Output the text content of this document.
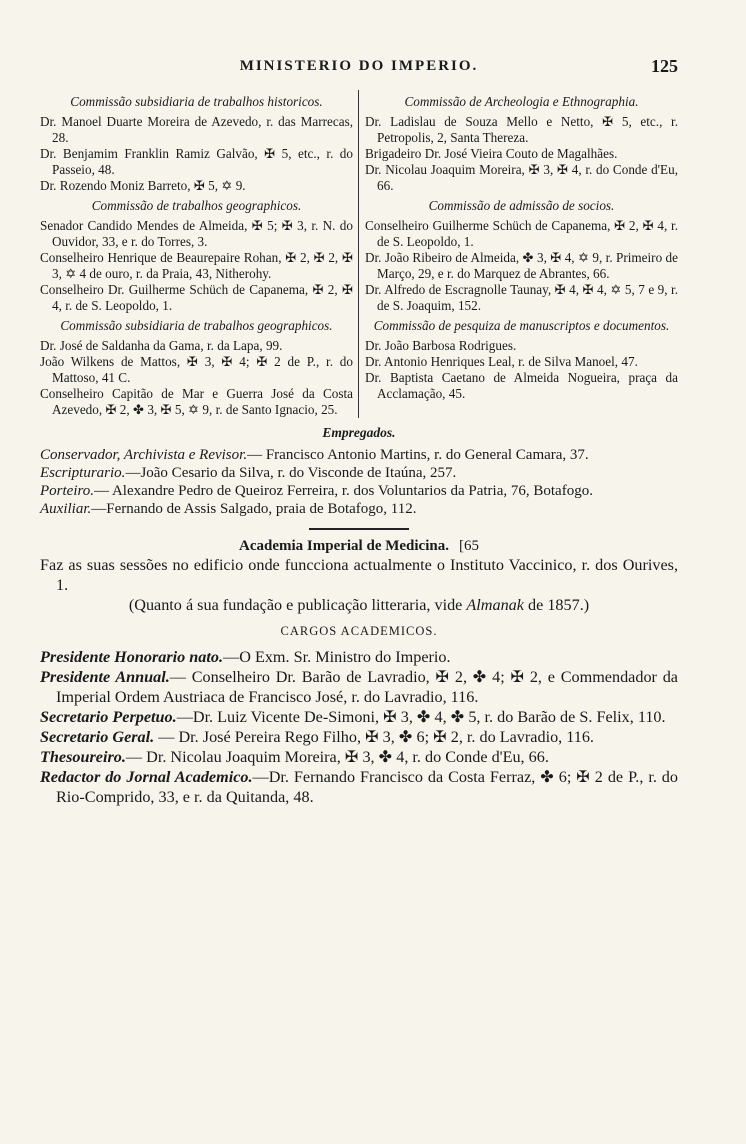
MINISTERIO DO IMPERIO.	125
Commissão subsidiaria de trabalhos historicos.
Dr. Manoel Duarte Moreira de Azevedo, r. das Marrecas, 28.
Dr. Benjamim Franklin Ramiz Galvão, ✠ 5, etc., r. do Passeio, 48.
Dr. Rozendo Moniz Barreto, ✠ 5, ✡ 9.
Commissão de trabalhos geographicos.
Senador Candido Mendes de Almeida, ✠ 5; ✠ 3, r. N. do Ouvidor, 33, e r. do Torres, 3.
Conselheiro Henrique de Beaurepaire Rohan, ✠ 2, ✠ 2, ✠ 3, ✡ 4 de ouro, r. da Praia, 43, Nitherohy.
Conselheiro Dr. Guilherme Schüch de Capanema, ✠ 2, ✠ 4, r. de S. Leopoldo, 1.
Commissão subsidiaria de trabalhos geographicos.
Dr. José de Saldanha da Gama, r. da Lapa, 99.
João Wilkens de Mattos, ✠ 3, ✠ 4; ✠ 2 de P., r. do Mattoso, 41 C.
Conselheiro Capitão de Mar e Guerra José da Costa Azevedo, ✠ 2, ✤ 3, ✠ 5, ✡ 9, r. de Santo Ignacio, 25.
Commissão de Archeologia e Ethnographia.
Dr. Ladislau de Souza Mello e Netto, ✠ 5, etc., r. Petropolis, 2, Santa Thereza.
Brigadeiro Dr. José Vieira Couto de Magalhães.
Dr. Nicolau Joaquim Moreira, ✠ 3, ✠ 4, r. do Conde d'Eu, 66.
Commissão de admissão de socios.
Conselheiro Guilherme Schüch de Capanema, ✠ 2, ✠ 4, r. de S. Leopoldo, 1.
Dr. João Ribeiro de Almeida, ✤ 3, ✠ 4, ✡ 9, r. Primeiro de Março, 29, e r. do Marquez de Abrantes, 66.
Dr. Alfredo de Escragnolle Taunay, ✠ 4, ✠ 4, ✡ 5, 7 e 9, r. de S. Joaquim, 152.
Commissão de pesquiza de manuscriptos e documentos.
Dr. João Barbosa Rodrigues.
Dr. Antonio Henriques Leal, r. de Silva Manoel, 47.
Dr. Baptista Caetano de Almeida Nogueira, praça da Acclamação, 45.
Empregados.
Conservador, Archivista e Revisor.— Francisco Antonio Martins, r. do General Camara, 37.
Escripturario.—João Cesario da Silva, r. do Visconde de Itaúna, 257.
Porteiro.— Alexandre Pedro de Queiroz Ferreira, r. dos Voluntarios da Patria, 76, Botafogo.
Auxiliar.—Fernando de Assis Salgado, praia de Botafogo, 112.
Academia Imperial de Medicina. [65
Faz as suas sessões no edificio onde funcciona actualmente o Instituto Vaccinico, r. dos Ourives, 1.
(Quanto á sua fundação e publicação litteraria, vide Almanak de 1857.)
CARGOS ACADEMICOS.
Presidente Honorario nato.—O Exm. Sr. Ministro do Imperio.
Presidente Annual.— Conselheiro Dr. Barão de Lavradio, ✠ 2, ✤ 4; ✠ 2, e Commendador da Imperial Ordem Austriaca de Francisco José, r. do Lavradio, 116.
Secretario Perpetuo.—Dr. Luiz Vicente De-Simoni, ✠ 3, ✤ 4, ✤ 5, r. do Barão de S. Felix, 110.
Secretario Geral. — Dr. José Pereira Rego Filho, ✠ 3, ✤ 6; ✠ 2, r. do Lavradio, 116.
Thesoureiro.— Dr. Nicolau Joaquim Moreira, ✠ 3, ✤ 4, r. do Conde d'Eu, 66.
Redactor do Jornal Academico.—Dr. Fernando Francisco da Costa Ferraz, ✤ 6; ✠ 2 de P., r. do Rio-Comprido, 33, e r. da Quitanda, 48.
